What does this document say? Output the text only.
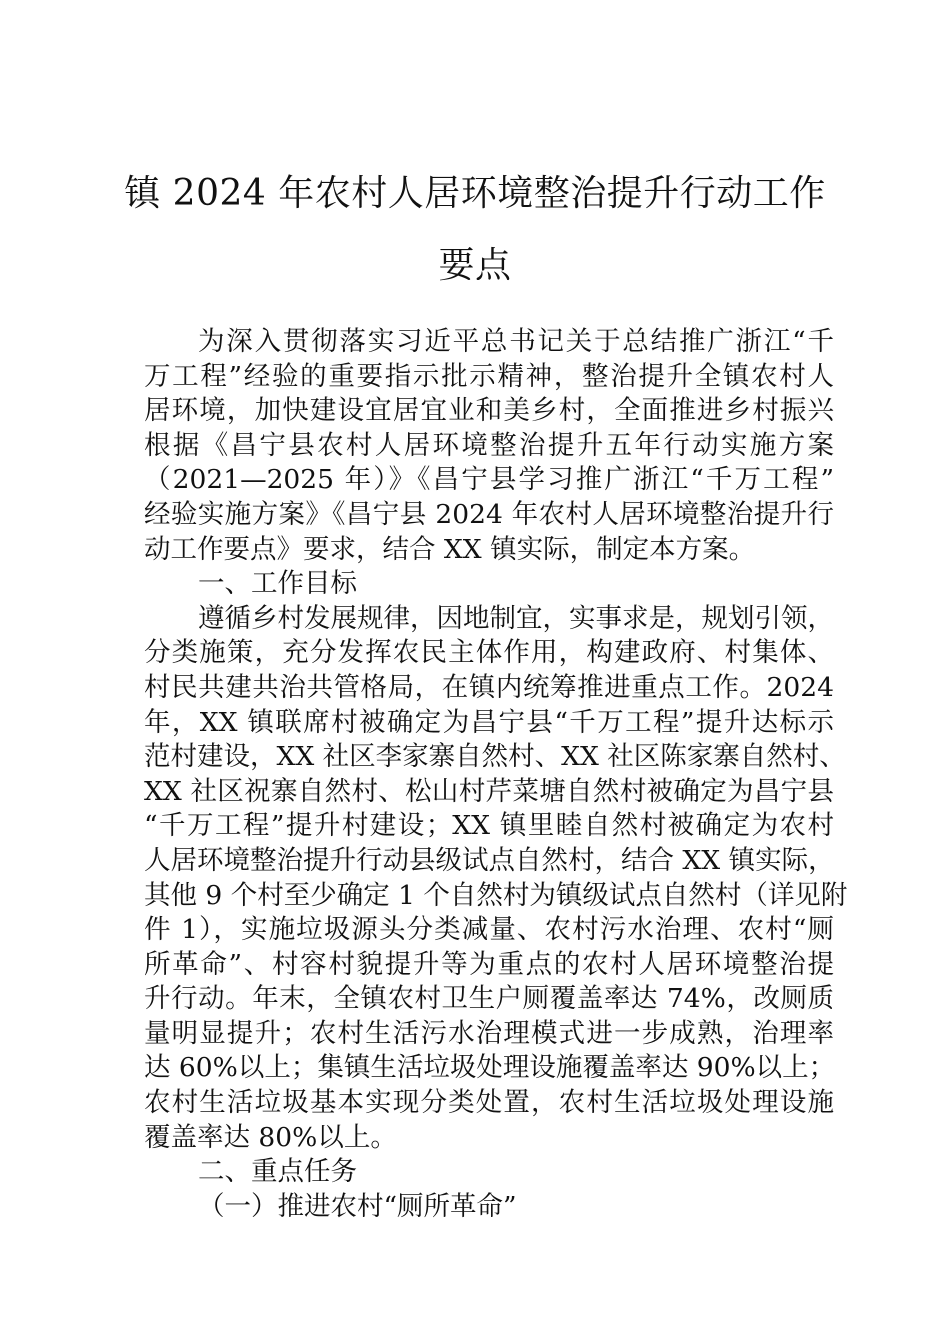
镇 2024 年农村人居环境整治提升行动工作
要点
为深入贯彻落实习近平总书记关于总结推广浙江“千
万工程”经验的重要指示批示精神，整治提升全镇农村人
居环境，加快建设宜居宜业和美乡村，全面推进乡村振兴
根据《昌宁县农村人居环境整治提升五年行动实施方案
（2021—2025 年）》《昌宁县学习推广浙江“千万工程”
经验实施方案》《昌宁县 2024 年农村人居环境整治提升行
动工作要点》要求，结合 XX 镇实际，制定本方案。
一、工作目标
遵循乡村发展规律，因地制宜，实事求是，规划引领，
分类施策，充分发挥农民主体作用，构建政府、村集体、
村民共建共治共管格局，在镇内统筹推进重点工作。2024
年，XX 镇联席村被确定为昌宁县“千万工程”提升达标示
范村建设，XX 社区李家寨自然村、XX 社区陈家寨自然村、
XX 社区祝寨自然村、松山村芹菜塘自然村被确定为昌宁县
“千万工程”提升村建设；XX 镇里睦自然村被确定为农村
人居环境整治提升行动县级试点自然村，结合 XX 镇实际，
其他 9 个村至少确定 1 个自然村为镇级试点自然村（详见附
件 1），实施垃圾源头分类减量、农村污水治理、农村“厕
所革命”、村容村貌提升等为重点的农村人居环境整治提
升行动。年末，全镇农村卫生户厕覆盖率达 74%，改厕质
量明显提升；农村生活污水治理模式进一步成熟，治理率
达 60%以上；集镇生活垃圾处理设施覆盖率达 90%以上；
农村生活垃圾基本实现分类处置，农村生活垃圾处理设施
覆盖率达 80%以上。
二、重点任务
（一）推进农村“厕所革命”
